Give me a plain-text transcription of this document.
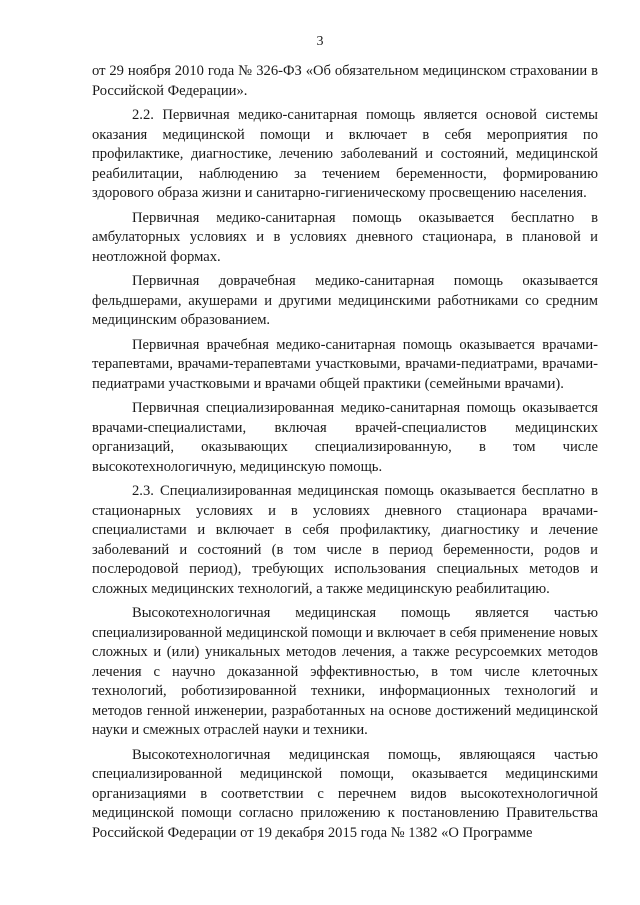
3

от 29 ноября 2010 года № 326-ФЗ «Об обязательном медицинском страховании в Российской Федерации».

2.2. Первичная медико-санитарная помощь является основой системы оказания медицинской помощи и включает в себя мероприятия по профилактике, диагностике, лечению заболеваний и состояний, медицинской реабилитации, наблюдению за течением беременности, формированию здорового образа жизни и санитарно-гигиеническому просвещению населения.

Первичная медико-санитарная помощь оказывается бесплатно в амбулаторных условиях и в условиях дневного стационара, в плановой и неотложной формах.

Первичная доврачебная медико-санитарная помощь оказывается фельдшерами, акушерами и другими медицинскими работниками со средним медицинским образованием.

Первичная врачебная медико-санитарная помощь оказывается врачами-терапевтами, врачами-терапевтами участковыми, врачами-педиатрами, врачами-педиатрами участковыми и врачами общей практики (семейными врачами).

Первичная специализированная медико-санитарная помощь оказывается врачами-специалистами, включая врачей-специалистов медицинских организаций, оказывающих специализированную, в том числе высокотехнологичную, медицинскую помощь.

2.3. Специализированная медицинская помощь оказывается бесплатно в стационарных условиях и в условиях дневного стационара врачами-специалистами и включает в себя профилактику, диагностику и лечение заболеваний и состояний (в том числе в период беременности, родов и послеродовой период), требующих использования специальных методов и сложных медицинских технологий, а также медицинскую реабилитацию.

Высокотехнологичная медицинская помощь является частью специализированной медицинской помощи и включает в себя применение новых сложных и (или) уникальных методов лечения, а также ресурсоемких методов лечения с научно доказанной эффективностью, в том числе клеточных технологий, роботизированной техники, информационных технологий и методов генной инженерии, разработанных на основе достижений медицинской науки и смежных отраслей науки и техники.

Высокотехнологичная медицинская помощь, являющаяся частью специализированной медицинской помощи, оказывается медицинскими организациями в соответствии с перечнем видов высокотехнологичной медицинской помощи согласно приложению к постановлению Правительства Российской Федерации от 19 декабря 2015 года № 1382 «О Программе
